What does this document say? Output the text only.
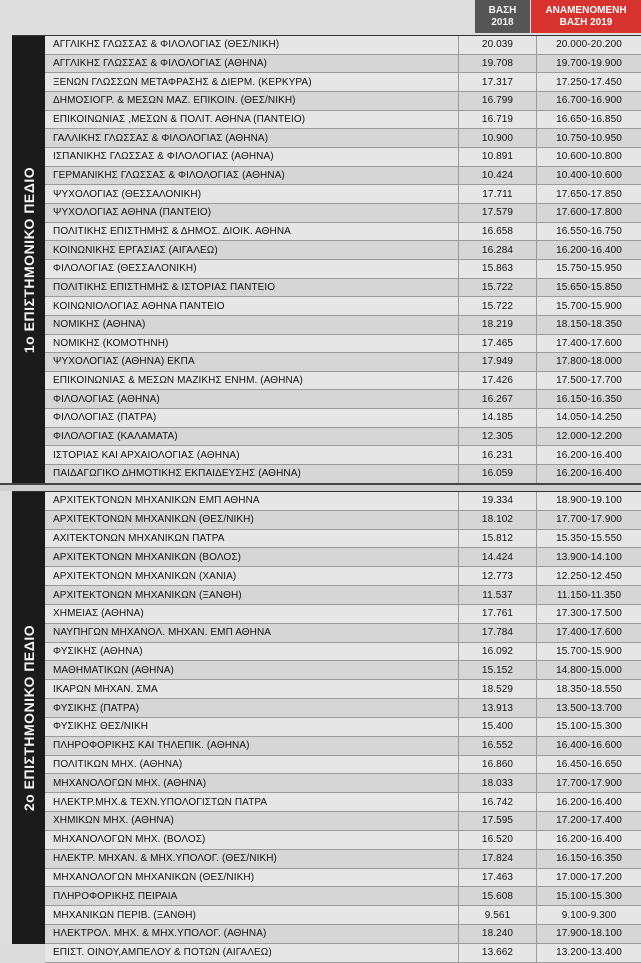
ΒΑΣΗ
2018
ΑΝΑΜΕΝΟΜΕΝΗ
ΒΑΣΗ 2019
1ο ΕΠΙΣΤΗΜΟΝΙΚΟ ΠΕΔΙΟ
ΑΓΓΛΙΚΗΣ ΓΛΩΣΣΑΣ & ΦΙΛΟΛΟΓΙΑΣ (ΘΕΣ/ΝΙΚΗ)	20.039	20.000-20.200
ΑΓΓΛΙΚΗΣ ΓΛΩΣΣΑΣ & ΦΙΛΟΛΟΓΙΑΣ (ΑΘΗΝΑ)	19.708	19.700-19.900
ΞΕΝΩΝ ΓΛΩΣΣΩΝ ΜΕΤΑΦΡΑΣΗΣ & ΔΙΕΡΜ. (ΚΕΡΚΥΡΑ)	17.317	17.250-17.450
ΔΗΜΟΣΙΟΓΡ. & ΜΕΣΩΝ ΜΑΖ. ΕΠΙΚΟΙΝ. (ΘΕΣ/ΝΙΚΗ)	16.799	16.700-16.900
ΕΠΙΚΟΙΝΩΝΙΑΣ ,ΜΕΣΩΝ & ΠΟΛΙΤ. ΑΘΗΝΑ (ΠΑΝΤΕΙΟ)	16.719	16.650-16.850
ΓΑΛΛΙΚΗΣ ΓΛΩΣΣΑΣ & ΦΙΛΟΛΟΓΙΑΣ (ΑΘΗΝΑ)	10.900	10.750-10.950
ΙΣΠΑΝΙΚΗΣ ΓΛΩΣΣΑΣ & ΦΙΛΟΛΟΓΙΑΣ (ΑΘΗΝΑ)	10.891	10.600-10.800
ΓΕΡΜΑΝΙΚΗΣ ΓΛΩΣΣΑΣ & ΦΙΛΟΛΟΓΙΑΣ (ΑΘΗΝΑ)	10.424	10.400-10.600
ΨΥΧΟΛΟΓΙΑΣ (ΘΕΣΣΑΛΟΝΙΚΗ)	17.711	17.650-17.850
ΨΥΧΟΛΟΓΙΑΣ ΑΘΗΝΑ (ΠΑΝΤΕΙΟ)	17.579	17.600-17.800
ΠΟΛΙΤΙΚΗΣ ΕΠΙΣΤΗΜΗΣ & ΔΗΜΟΣ. ΔΙΟΙΚ. ΑΘΗΝΑ	16.658	16.550-16.750
ΚΟΙΝΩΝΙΚΗΣ ΕΡΓΑΣΙΑΣ (ΑΙΓΑΛΕΩ)	16.284	16.200-16.400
ΦΙΛΟΛΟΓΙΑΣ (ΘΕΣΣΑΛΟΝΙΚΗ)	15.863	15.750-15.950
ΠΟΛΙΤΙΚΗΣ ΕΠΙΣΤΗΜΗΣ & ΙΣΤΟΡΙΑΣ ΠΑΝΤΕΙΟ	15.722	15.650-15.850
ΚΟΙΝΩΝΙΟΛΟΓΙΑΣ ΑΘΗΝΑ ΠΑΝΤΕΙΟ	15.722	15.700-15.900
ΝΟΜΙΚΗΣ (ΑΘΗΝΑ)	18.219	18.150-18.350
ΝΟΜΙΚΗΣ (ΚΟΜΟΤΗΝΗ)	17.465	17.400-17.600
ΨΥΧΟΛΟΓΙΑΣ (ΑΘΗΝΑ) ΕΚΠΑ	17.949	17.800-18.000
ΕΠΙΚΟΙΝΩΝΙΑΣ & ΜΕΣΩΝ ΜΑΖΙΚΗΣ ΕΝΗΜ. (ΑΘΗΝΑ)	17.426	17.500-17.700
ΦΙΛΟΛΟΓΙΑΣ (ΑΘΗΝΑ)	16.267	16.150-16.350
ΦΙΛΟΛΟΓΙΑΣ (ΠΑΤΡΑ)	14.185	14.050-14.250
ΦΙΛΟΛΟΓΙΑΣ (ΚΑΛΑΜΑΤΑ)	12.305	12.000-12.200
ΙΣΤΟΡΙΑΣ ΚΑΙ ΑΡΧΑΙΟΛΟΓΙΑΣ (ΑΘΗΝΑ)	16.231	16.200-16.400
ΠΑΙΔΑΓΩΓΙΚΟ ΔΗΜΟΤΙΚΗΣ ΕΚΠΑΙΔΕΥΣΗΣ (ΑΘΗΝΑ)	16.059	16.200-16.400
2ο ΕΠΙΣΤΗΜΟΝΙΚΟ ΠΕΔΙΟ
ΑΡΧΙΤΕΚΤΟΝΩΝ ΜΗΧΑΝΙΚΩΝ ΕΜΠ ΑΘΗΝΑ	19.334	18.900-19.100
ΑΡΧΙΤΕΚΤΟΝΩΝ ΜΗΧΑΝΙΚΩΝ (ΘΕΣ/ΝΙΚΗ)	18.102	17.700-17.900
ΑΧΙΤΕΚΤΟΝΩΝ ΜΗΧΑΝΙΚΩΝ ΠΑΤΡΑ	15.812	15.350-15.550
ΑΡΧΙΤΕΚΤΟΝΩΝ ΜΗΧΑΝΙΚΩΝ (ΒΟΛΟΣ)	14.424	13.900-14.100
ΑΡΧΙΤΕΚΤΟΝΩΝ ΜΗΧΑΝΙΚΩΝ (ΧΑΝΙΑ)	12.773	12.250-12.450
ΑΡΧΙΤΕΚΤΟΝΩΝ ΜΗΧΑΝΙΚΩΝ (ΞΑΝΘΗ)	11.537	11.150-11.350
ΧΗΜΕΙΑΣ (ΑΘΗΝΑ)	17.761	17.300-17.500
ΝΑΥΠΗΓΩΝ ΜΗΧΑΝΟΛ. ΜΗΧΑΝ. ΕΜΠ ΑΘΗΝΑ	17.784	17.400-17.600
ΦΥΣΙΚΗΣ (ΑΘΗΝΑ)	16.092	15.700-15.900
ΜΑΘΗΜΑΤΙΚΩΝ (ΑΘΗΝΑ)	15.152	14.800-15.000
ΙΚΑΡΩΝ ΜΗΧΑΝ. ΣΜΑ	18.529	18.350-18.550
ΦΥΣΙΚΗΣ (ΠΑΤΡΑ)	13.913	13.500-13.700
ΦΥΣΙΚΗΣ ΘΕΣ/ΝΙΚΗ	15.400	15.100-15.300
ΠΛΗΡΟΦΟΡΙΚΗΣ ΚΑΙ ΤΗΛΕΠΙΚ. (ΑΘΗΝΑ)	16.552	16.400-16.600
ΠΟΛΙΤΙΚΩΝ ΜΗΧ. (ΑΘΗΝΑ)	16.860	16.450-16.650
ΜΗΧΑΝΟΛΟΓΩΝ ΜΗΧ. (ΑΘΗΝΑ)	18.033	17.700-17.900
ΗΛΕΚΤΡ.ΜΗΧ.& ΤΕΧΝ.ΥΠΟΛΟΓΙΣΤΩΝ ΠΑΤΡΑ	16.742	16.200-16.400
ΧΗΜΙΚΩΝ ΜΗΧ. (ΑΘΗΝΑ)	17.595	17.200-17.400
ΜΗΧΑΝΟΛΟΓΩΝ ΜΗΧ. (ΒΟΛΟΣ)	16.520	16.200-16.400
ΗΛΕΚΤΡ. ΜΗΧΑΝ. & ΜΗΧ.ΥΠΟΛΟΓ. (ΘΕΣ/ΝΙΚΗ)	17.824	16.150-16.350
ΜΗΧΑΝΟΛΟΓΩΝ ΜΗΧΑΝΙΚΩΝ (ΘΕΣ/ΝΙΚΗ)	17.463	17.000-17.200
ΠΛΗΡΟΦΟΡΙΚΗΣ ΠΕΙΡΑΙΑ	15.608	15.100-15.300
ΜΗΧΑΝΙΚΩΝ ΠΕΡΙΒ. (ΞΑΝΘΗ)	9.561	9.100-9.300
ΗΛΕΚΤΡΟΛ. ΜΗΧ. & ΜΗΧ.ΥΠΟΛΟΓ. (ΑΘΗΝΑ)	18.240	17.900-18.100
ΕΠΙΣΤ. ΟΙΝΟΥ,ΑΜΠΕΛΟΥ & ΠΟΤΩΝ (ΑΙΓΑΛΕΩ)	13.662	13.200-13.400
